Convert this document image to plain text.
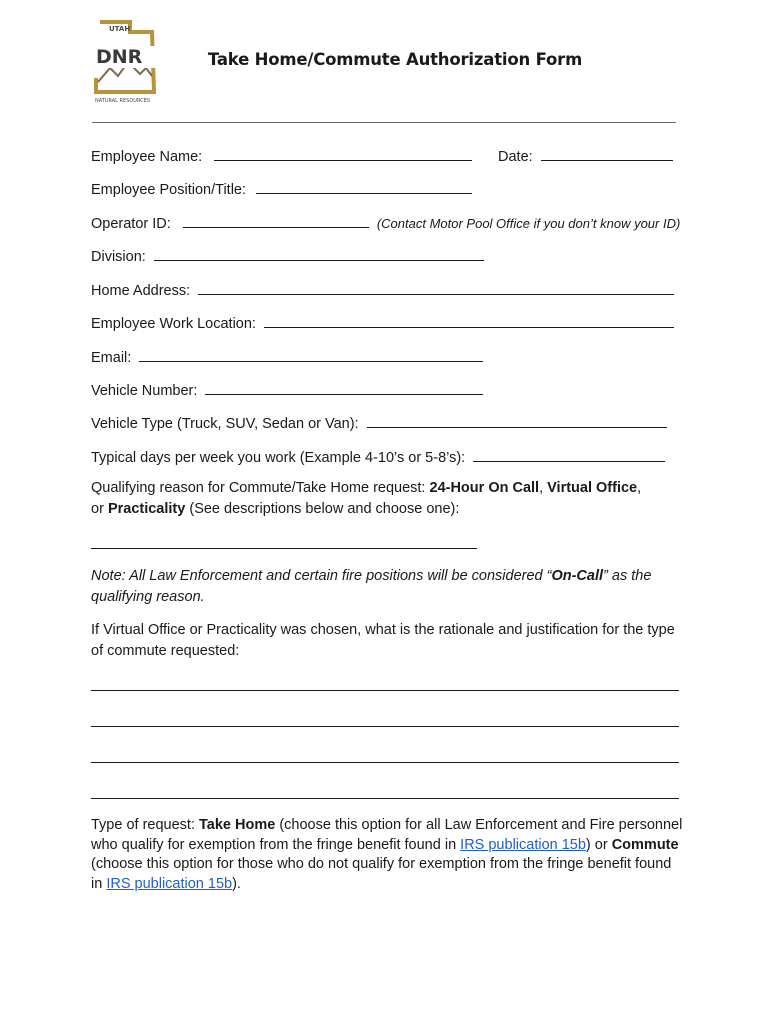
UTAH
DNR
NATURAL RESOURCES
Take Home/Commute Authorization Form
Employee Name:	Date:
Employee Position/Title:
Operator ID:	(Contact Motor Pool Office if you don’t know your ID)
Division:
Home Address:
Employee Work Location:
Email:
Vehicle Number:
Vehicle Type (Truck, SUV, Sedan or Van):
Typical days per week you work (Example 4-10’s or 5-8’s):
Qualifying reason for Commute/Take Home request: 24-Hour On Call, Virtual Office,
or Practicality (See descriptions below and choose one):
Note: All Law Enforcement and certain fire positions will be considered “On-Call” as the qualifying reason.
If Virtual Office or Practicality was chosen, what is the rationale and justification for the type of commute requested:
Type of request: Take Home (choose this option for all Law Enforcement and Fire personnel who qualify for exemption from the fringe benefit found in IRS publication 15b) or Commute (choose this option for those who do not qualify for exemption from the fringe benefit found in IRS publication 15b).
